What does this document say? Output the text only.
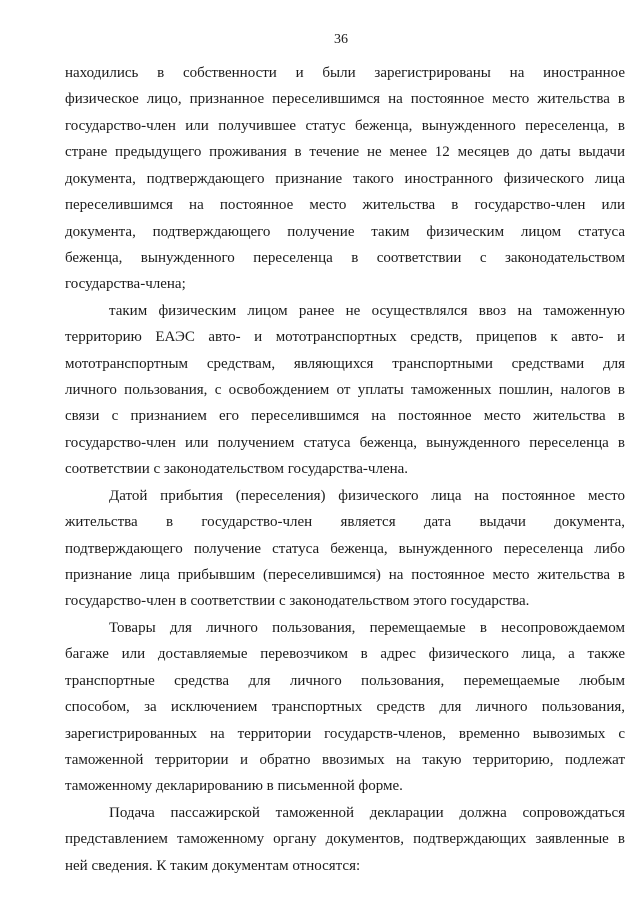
36
находились в собственности и были зарегистрированы на иностранное
физическое лицо, признанное переселившимся на постоянное место жительства в
государство-член или получившее статус беженца, вынужденного переселенца, в
стране предыдущего проживания в течение не менее 12 месяцев до даты выдачи
документа, подтверждающего признание такого иностранного физического лица
переселившимся на постоянное место жительства в государство-член или
документа, подтверждающего получение таким физическим лицом статуса
беженца, вынужденного переселенца в соответствии с законодательством
государства-члена;
таким физическим лицом ранее не осуществлялся ввоз на таможенную
территорию ЕАЭС авто- и мототранспортных средств, прицепов к авто- и
мототранспортным средствам, являющихся транспортными средствами для
личного пользования, с освобождением от уплаты таможенных пошлин, налогов в
связи с признанием его переселившимся на постоянное место жительства в
государство-член или получением статуса беженца, вынужденного переселенца в
соответствии с законодательством государства-члена.
Датой прибытия (переселения) физического лица на постоянное место
жительства в государство-член является дата выдачи документа,
подтверждающего получение статуса беженца, вынужденного переселенца либо
признание лица прибывшим (переселившимся) на постоянное место жительства в
государство-член в соответствии с законодательством этого государства.
Товары для личного пользования, перемещаемые в несопровождаемом
багаже или доставляемые перевозчиком в адрес физического лица, а также
транспортные средства для личного пользования, перемещаемые любым
способом, за исключением транспортных средств для личного пользования,
зарегистрированных на территории государств-членов, временно вывозимых с
таможенной территории и обратно ввозимых на такую территорию, подлежат
таможенному декларированию в письменной форме.
Подача пассажирской таможенной декларации должна сопровождаться
представлением таможенному органу документов, подтверждающих заявленные в
ней сведения. К таким документам относятся:
